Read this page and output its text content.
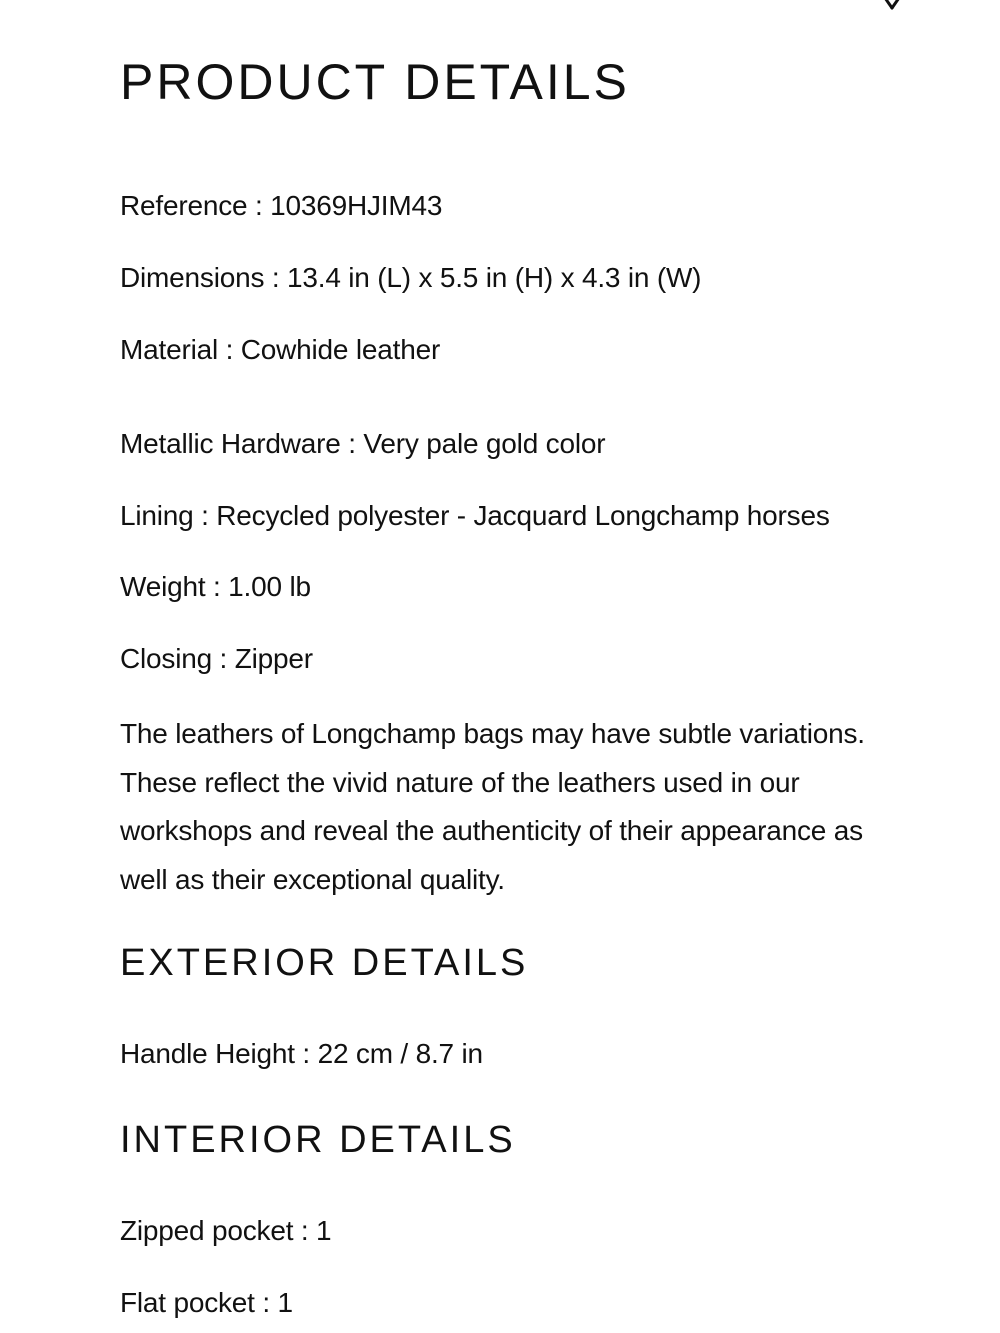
PRODUCT DETAILS

Reference : 10369HJIM43

Dimensions : 13.4 in (L) x 5.5 in (H) x 4.3 in (W)

Material : Cowhide leather

Metallic Hardware : Very pale gold color

Lining : Recycled polyester - Jacquard Longchamp horses

Weight : 1.00 lb

Closing : Zipper

The leathers of Longchamp bags may have subtle variations. These reflect the vivid nature of the leathers used in our workshops and reveal the authenticity of their appearance as well as their exceptional quality.

EXTERIOR DETAILS

Handle Height : 22 cm / 8.7 in

INTERIOR DETAILS

Zipped pocket : 1

Flat pocket : 1
